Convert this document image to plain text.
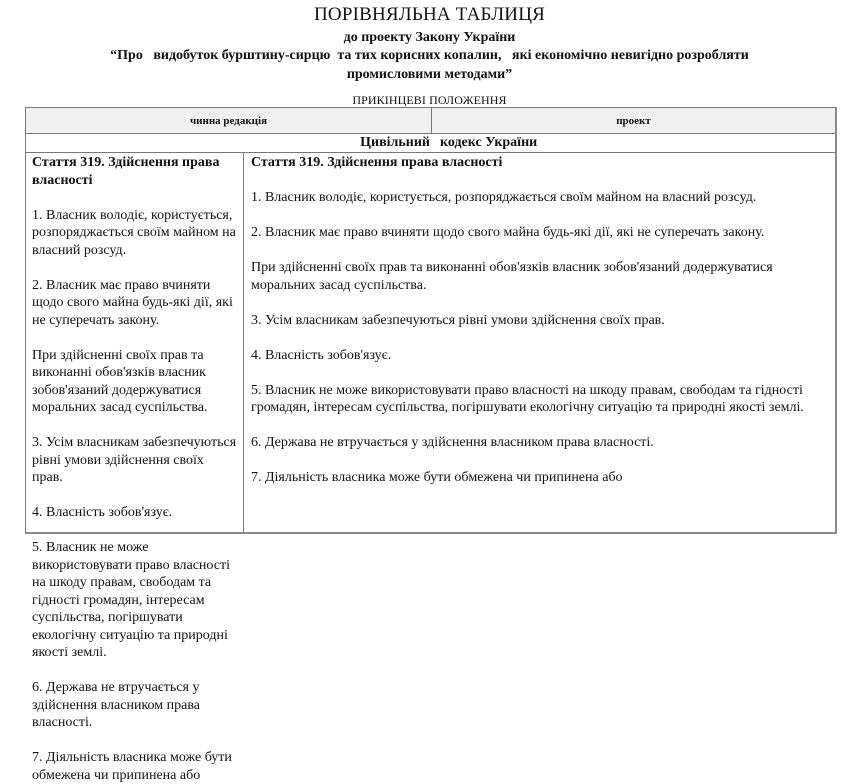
ПОРІВНЯЛЬНА ТАБЛИЦЯ
до проекту Закону України
“Про   видобуток бурштину-сирцю  та тих корисних копалин,   які економічно невигідно розробляти
промисловими методами”
ПРИКІНЦЕВІ ПОЛОЖЕННЯ
чинна редакція	проект
Цивільний кодекс України
Стаття 319. Здійснення права власності
1. Власник володіє, користується, розпоряджається своїм майном на власний розсуд.
2. Власник має право вчиняти щодо свого майна будь-які дії, які не суперечать закону.
При здійсненні своїх прав та виконанні обов'язків власник зобов'язаний додержуватися моральних засад суспільства.
3. Усім власникам забезпечуються рівні умови здійснення своїх прав.
4. Власність зобов'язує.
5. Власник не може використовувати право власності на шкоду правам, свободам та гідності громадян, інтересам суспільства, погіршувати екологічну ситуацію та природні якості землі.
6. Держава не втручається у здійснення власником права власності.
7. Діяльність власника може бути обмежена чи припинена або
Стаття 319. Здійснення права власності
1. Власник володіє, користується, розпоряджається своїм майном на власний розсуд.
2. Власник має право вчиняти щодо свого майна будь-які дії, які не суперечать закону.
При здійсненні своїх прав та виконанні обов'язків власник зобов'язаний додержуватися моральних засад суспільства.
3. Усім власникам забезпечуються рівні умови здійснення своїх прав.
4. Власність зобов'язує.
5. Власник не може використовувати право власності на шкоду правам, свободам та гідності громадян, інтересам суспільства, погіршувати екологічну ситуацію та природні якості землі.
6. Держава не втручається у здійснення власником права власності.
7. Діяльність власника може бути обмежена чи припинена або
